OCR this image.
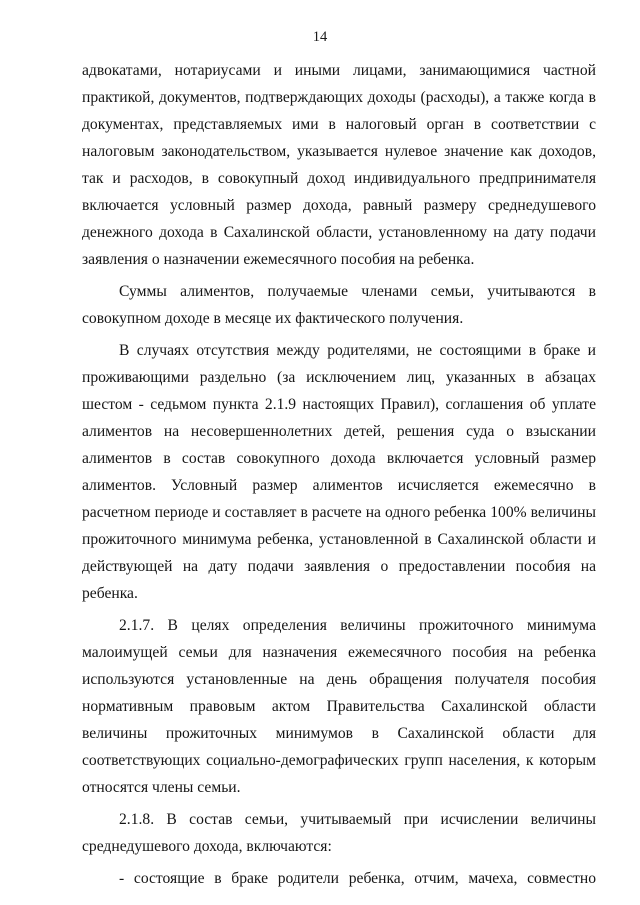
14
адвокатами, нотариусами и иными лицами, занимающимися частной
практикой, документов, подтверждающих доходы (расходы), а также когда в
документах, представляемых ими в налоговый орган в соответствии с
налоговым законодательством, указывается нулевое значение как доходов,
так и расходов, в совокупный доход индивидуального предпринимателя
включается условный размер дохода, равный размеру среднедушевого
денежного дохода в Сахалинской области, установленному на дату подачи
заявления о назначении ежемесячного пособия на ребенка.
Суммы алиментов, получаемые членами семьи, учитываются в
совокупном доходе в месяце их фактического получения.
В случаях отсутствия между родителями, не состоящими в браке и
проживающими раздельно (за исключением лиц, указанных в абзацах
шестом - седьмом пункта 2.1.9 настоящих Правил), соглашения об уплате
алиментов на несовершеннолетних детей, решения суда о взыскании
алиментов в состав совокупного дохода включается условный размер
алиментов. Условный размер алиментов исчисляется ежемесячно в
расчетном периоде и составляет в расчете на одного ребенка 100% величины
прожиточного минимума ребенка, установленной в Сахалинской области и
действующей на дату подачи заявления о предоставлении пособия на
ребенка.
2.1.7. В целях определения величины прожиточного минимума
малоимущей семьи для назначения ежемесячного пособия на ребенка
используются установленные на день обращения получателя пособия
нормативным правовым актом Правительства Сахалинской области
величины прожиточных минимумов в Сахалинской области для
соответствующих социально-демографических групп населения, к которым
относятся члены семьи.
2.1.8. В состав семьи, учитываемый при исчислении величины
среднедушевого дохода, включаются:
- состоящие в браке родители ребенка, отчим, мачеха, совместно
